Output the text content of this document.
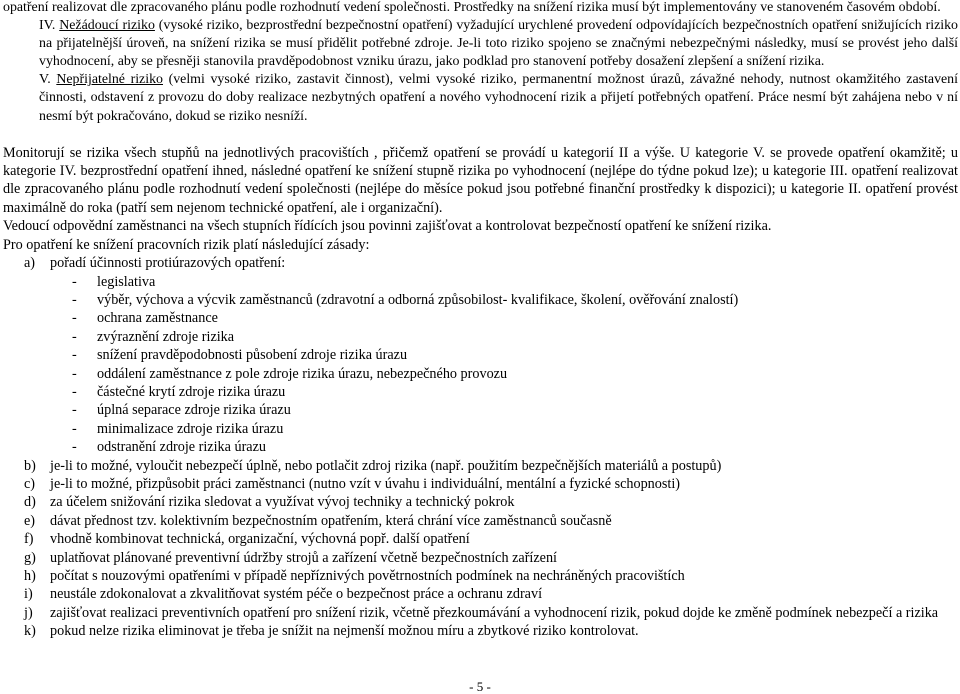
opatření realizovat dle zpracovaného plánu podle rozhodnutí vedení společnosti. Prostředky na snížení rizika musí být implementovány ve stanoveném časovém období.

IV. Nežádoucí riziko (vysoké riziko, bezprostřední bezpečnostní opatření) vyžadující urychlené provedení odpovídajících bezpečnostních opatření snižujících riziko na přijatelnější úroveň, na snížení rizika se musí přidělit potřebné zdroje. Je-li toto riziko spojeno se značnými nebezpečnými následky, musí se provést jeho další vyhodnocení, aby se přesněji stanovila pravděpodobnost vzniku úrazu, jako podklad pro stanovení potřeby dosažení zlepšení a snížení rizika.

V. Nepřijatelné riziko (velmi vysoké riziko, zastavit činnost), velmi vysoké riziko, permanentní možnost úrazů, závažné nehody, nutnost okamžitého zastavení činnosti, odstavení z provozu do doby realizace nezbytných opatření a nového vyhodnocení rizik a přijetí potřebných opatření. Práce nesmí být zahájena nebo v ní nesmí být pokračováno, dokud se riziko nesníží.

Monitorují se rizika všech stupňů na jednotlivých pracovištích , přičemž opatření se provádí u kategorií II a výše. U kategorie V. se provede opatření okamžitě; u kategorie IV. bezprostřední opatření ihned, následné opatření ke snížení stupně rizika po vyhodnocení (nejlépe do týdne pokud lze); u kategorie III. opatření realizovat dle zpracovaného plánu podle rozhodnutí vedení společnosti (nejlépe do měsíce pokud jsou potřebné finanční prostředky k dispozici); u kategorie II. opatření provést maximálně do roka (patří sem nejenom technické opatření, ale i organizační).

Vedoucí odpovědní zaměstnanci na všech stupních řídících jsou povinni zajišťovat a kontrolovat bezpečností opatření ke snížení rizika.

Pro opatření ke snížení pracovních rizik platí následující zásady:

a)	pořadí účinnosti protiúrazových opatření:
-	legislativa
-	výběr, výchova a výcvik zaměstnanců (zdravotní a odborná způsobilost- kvalifikace, školení, ověřování znalostí)
-	ochrana zaměstnance
-	zvýraznění zdroje rizika
-	snížení pravděpodobnosti působení zdroje rizika úrazu
-	oddálení zaměstnance z pole zdroje rizika úrazu, nebezpečného provozu
-	částečné krytí zdroje rizika úrazu
-	úplná separace zdroje rizika úrazu
-	minimalizace zdroje rizika úrazu
-	odstranění zdroje rizika úrazu
b) je-li to možné, vyloučit nebezpečí úplně, nebo potlačit zdroj rizika (např. použitím bezpečnějších materiálů a postupů)
c)	je-li to možné, přizpůsobit práci zaměstnanci (nutno vzít v úvahu i individuální, mentální a fyzické schopnosti)
d) za účelem snižování rizika sledovat a využívat vývoj techniky a technický pokrok
e)	dávat přednost tzv. kolektivním bezpečnostním opatřením, která chrání více zaměstnanců současně
f)	vhodně kombinovat technická, organizační, výchovná popř. další opatření
g) uplatňovat plánované preventivní údržby strojů a zařízení včetně bezpečnostních zařízení
h) počítat s nouzovými opatřeními v případě nepříznivých povětrnostních podmínek na nechráněných pracovištích
i)	neustále zdokonalovat a zkvalitňovat systém péče o bezpečnost práce a ochranu zdraví
j)	zajišťovat realizaci preventivních opatření pro snížení rizik, včetně přezkoumávání a vyhodnocení rizik, pokud dojde ke změně podmínek nebezpečí a rizika
k) pokud nelze rizika eliminovat je třeba je snížit na nejmenší možnou míru a zbytkové riziko kontrolovat.
- 5 -
